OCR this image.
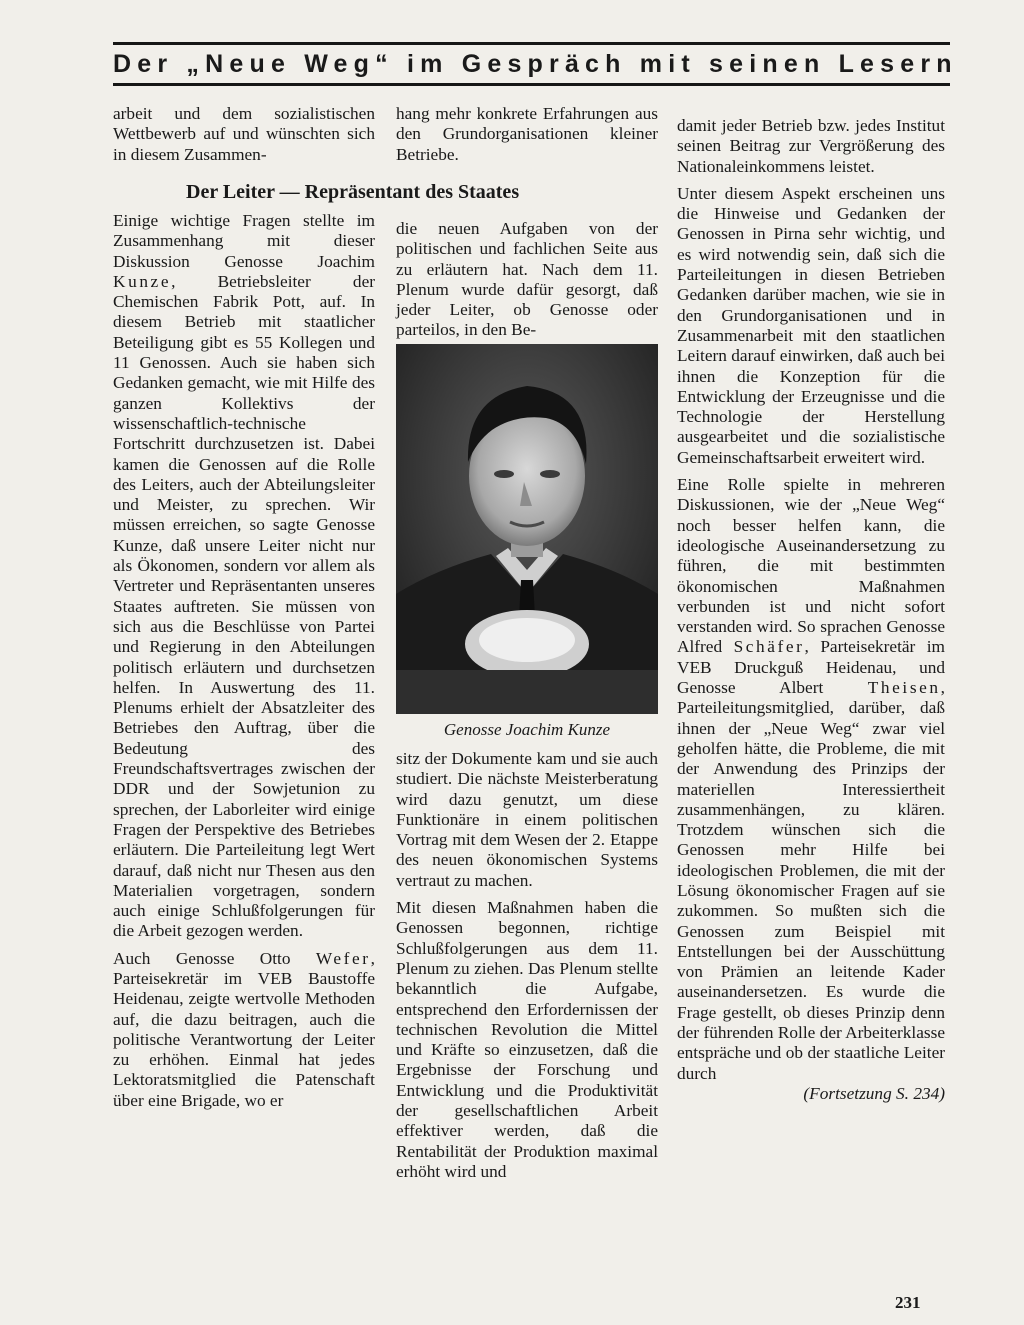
Der „Neue Weg“ im Gespräch mit seinen Lesern

arbeit und dem sozialistischen Wettbewerb auf und wünschten sich in diesem Zusammen-

hang mehr konkrete Erfahrungen aus den Grundorganisationen kleiner Betriebe.

Der Leiter — Repräsentant des Staates

Einige wichtige Fragen stellte im Zusammenhang mit dieser Diskussion Genosse Joachim Kunze, Betriebsleiter der Chemischen Fabrik Pott, auf. In diesem Betrieb mit staatlicher Beteiligung gibt es 55 Kollegen und 11 Genossen. Auch sie haben sich Gedanken gemacht, wie mit Hilfe des ganzen Kollektivs der wissenschaftlich-technische Fortschritt durchzusetzen ist. Dabei kamen die Genossen auf die Rolle des Leiters, auch der Abteilungsleiter und Meister, zu sprechen. Wir müssen erreichen, so sagte Genosse Kunze, daß unsere Leiter nicht nur als Ökonomen, sondern vor allem als Vertreter und Repräsentanten unseres Staates auftreten. Sie müssen von sich aus die Beschlüsse von Partei und Regierung in den Abteilungen politisch erläutern und durchsetzen helfen. In Auswertung des 11. Plenums erhielt der Absatzleiter des Betriebes den Auftrag, über die Bedeutung des Freundschaftsvertrages zwischen der DDR und der Sowjetunion zu sprechen, der Laborleiter wird einige Fragen der Perspektive des Betriebes erläutern. Die Parteileitung legt Wert darauf, daß nicht nur Thesen aus den Materialien vorgetragen, sondern auch einige Schlußfolgerungen für die Arbeit gezogen werden.

Auch Genosse Otto Wefer, Parteisekretär im VEB Baustoffe Heidenau, zeigte wertvolle Methoden auf, die dazu beitragen, auch die politische Verantwortung der Leiter zu erhöhen. Einmal hat jedes Lektoratsmitglied die Patenschaft über eine Brigade, wo er

die neuen Aufgaben von der politischen und fachlichen Seite aus zu erläutern hat. Nach dem 11. Plenum wurde dafür gesorgt, daß jeder Leiter, ob Genosse oder parteilos, in den Be-

Genosse Joachim Kunze

sitz der Dokumente kam und sie auch studiert. Die nächste Meisterberatung wird dazu genutzt, um diese Funktionäre in einem politischen Vortrag mit dem Wesen der 2. Etappe des neuen ökonomischen Systems vertraut zu machen.

Mit diesen Maßnahmen haben die Genossen begonnen, richtige Schlußfolgerungen aus dem 11. Plenum zu ziehen. Das Plenum stellte bekanntlich die Aufgabe, entsprechend den Erfordernissen der technischen Revolution die Mittel und Kräfte so einzusetzen, daß die Ergebnisse der Forschung und Entwicklung und die Produktivität der gesellschaftlichen Arbeit effektiver werden, daß die Rentabilität der Produktion maximal erhöht wird und

damit jeder Betrieb bzw. jedes Institut seinen Beitrag zur Vergrößerung des Nationaleinkommens leistet.

Unter diesem Aspekt erscheinen uns die Hinweise und Gedanken der Genossen in Pirna sehr wichtig, und es wird notwendig sein, daß sich die Parteileitungen in diesen Betrieben Gedanken darüber machen, wie sie in den Grundorganisationen und in Zusammenarbeit mit den staatlichen Leitern darauf einwirken, daß auch bei ihnen die Konzeption für die Entwicklung der Erzeugnisse und die Technologie der Herstellung ausgearbeitet und die sozialistische Gemeinschaftsarbeit erweitert wird.

Eine Rolle spielte in mehreren Diskussionen, wie der „Neue Weg“ noch besser helfen kann, die ideologische Auseinandersetzung zu führen, die mit bestimmten ökonomischen Maßnahmen verbunden ist und nicht sofort verstanden wird. So sprachen Genosse Alfred Schäfer, Parteisekretär im VEB Druckguß Heidenau, und Genosse Albert	Theisen, Parteileitungsmitglied, darüber, daß ihnen der „Neue Weg“ zwar viel geholfen hätte, die Probleme, die mit der Anwendung des Prinzips der materiellen Interessiertheit zusammenhängen, zu klären. Trotzdem wünschen sich die Genossen mehr Hilfe bei ideologischen Problemen, die mit der Lösung ökonomischer Fragen auf sie zukommen. So mußten sich die Genossen zum Beispiel mit Entstellungen bei der Ausschüttung von Prämien an leitende Kader auseinandersetzen. Es wurde die Frage gestellt, ob dieses Prinzip denn der führenden Rolle der Arbeiterklasse entspräche und ob der staatliche Leiter durch

(Fortsetzung S. 234)

231
